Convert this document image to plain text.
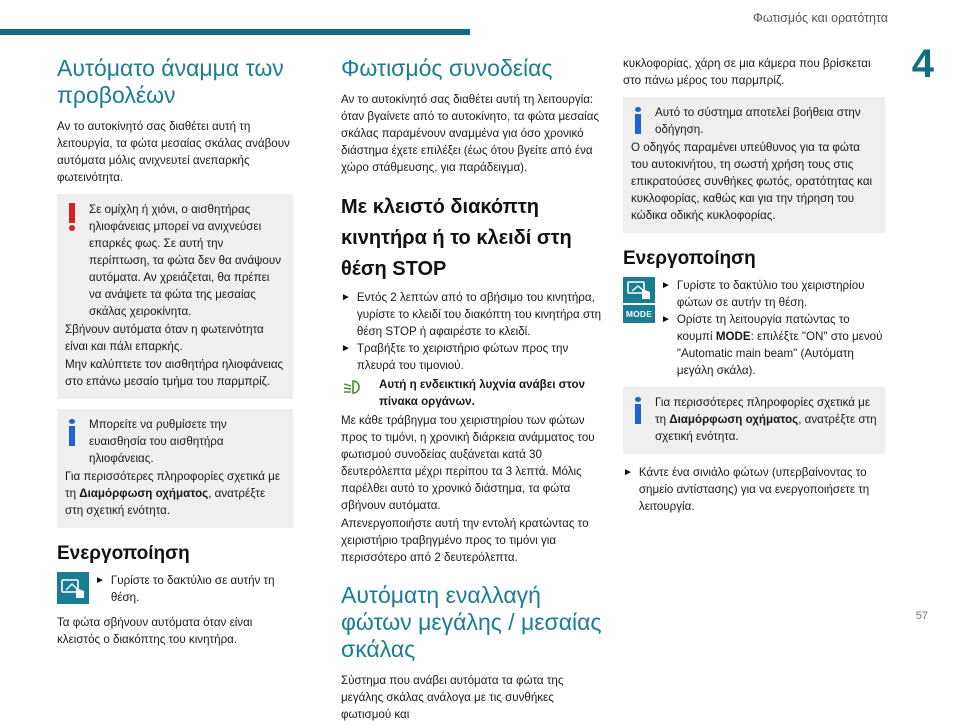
Φωτισμός και ορατότητα
4
57
Αυτόματο άναμμα των προβολέων

Αν το αυτοκίνητό σας διαθέτει αυτή τη λειτουργία, τα φώτα μεσαίας σκάλας ανάβουν αυτόματα μόλις ανιχνευτεί ανεπαρκής φωτεινότητα.

Σε ομίχλη ή χιόνι, ο αισθητήρας ηλιοφάνειας μπορεί να ανιχνεύσει επαρκές φως. Σε αυτή την περίπτωση, τα φώτα δεν θα ανάψουν αυτόματα. Αν χρειάζεται, θα πρέπει να ανάψετε τα φώτα της μεσαίας σκάλας χειροκίνητα.

Σβήνουν αυτόματα όταν η φωτεινότητα είναι και πάλι επαρκής.

Μην καλύπτετε τον αισθητήρα ηλιοφάνειας στο επάνω μεσαίο τμήμα του παρμπρίζ.

Μπορείτε να ρυθμίσετε την ευαισθησία του αισθητήρα ηλιοφάνειας.

Για περισσότερες πληροφορίες σχετικά με τη Διαμόρφωση οχήματος, ανατρέξτε στη σχετική ενότητα.

Ενεργοποίηση
► Γυρίστε το δακτύλιο σε αυτήν τη θέση.

Τα φώτα σβήνουν αυτόματα όταν είναι κλειστός ο διακόπτης του κινητήρα.

Φωτισμός συνοδείας

Αν το αυτοκίνητό σας διαθέτει αυτή τη λειτουργία: όταν βγαίνετε από το αυτοκίνητο, τα φώτα μεσαίας σκάλας παραμένουν αναμμένα για όσο χρονικό διάστημα έχετε επιλέξει (έως ότου βγείτε από ένα χώρο στάθμευσης, για παράδειγμα).

Με κλειστό διακόπτη κινητήρα ή το κλειδί στη θέση STOP
► Εντός 2 λεπτών από το σβήσιμο του κινητήρα, γυρίστε το κλειδί του διακόπτη του κινητήρα στη θέση STOP ή αφαιρέστε το κλειδί.
► Τραβήξτε το χειριστήριο φώτων προς την πλευρά του τιμονιού.
Αυτή η ενδεικτική λυχνία ανάβει στον πίνακα οργάνων.

Με κάθε τράβηγμα του χειριστηρίου των φώτων προς το τιμόνι, η χρονική διάρκεια ανάμματος του φωτισμού συνοδείας αυξάνεται κατά 30 δευτερόλεπτα μέχρι περίπου τα 3 λεπτά. Μόλις παρέλθει αυτό το χρονικό διάστημα, τα φώτα σβήνουν αυτόματα.

Απενεργοποιήστε αυτή την εντολή κρατώντας το χειριστήριο τραβηγμένο προς το τιμόνι για περισσότερο από 2 δευτερόλεπτα.

Αυτόματη εναλλαγή φώτων μεγάλης / μεσαίας σκάλας

Σύστημα που ανάβει αυτόματα τα φώτα της μεγάλης σκάλας ανάλογα με τις συνθήκες φωτισμού και

κυκλοφορίας, χάρη σε μια κάμερα που βρίσκεται στο πάνω μέρος του παρμπρίζ.

Αυτό το σύστημα αποτελεί βοήθεια στην οδήγηση.

Ο οδηγός παραμένει υπεύθυνος για τα φώτα του αυτοκινήτου, τη σωστή χρήση τους στις επικρατούσες συνθήκες φωτός, ορατότητας και κυκλοφορίας, καθώς και για την τήρηση του κώδικα οδικής κυκλοφορίας.

Ενεργοποίηση
MODE
► Γυρίστε το δακτύλιο του χειριστηρίου φώτων σε αυτήν τη θέση.
► Ορίστε τη λειτουργία πατώντας το κουμπί MODE: επιλέξτε "ON" στο μενού "Automatic main beam" (Αυτόματη μεγάλη σκάλα).

Για περισσότερες πληροφορίες σχετικά με τη Διαμόρφωση οχήματος, ανατρέξτε στη σχετική ενότητα.

► Κάντε ένα σινιάλο φώτων (υπερβαίνοντας το σημείο αντίστασης) για να ενεργοποιήσετε τη λειτουργία.
